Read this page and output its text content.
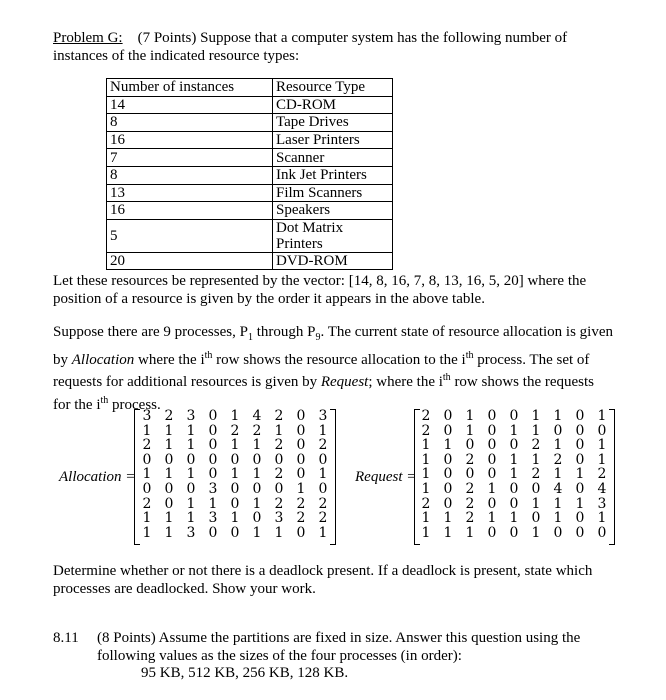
Problem G: (7 Points) Suppose that a computer system has the following number of instances of the indicated resource types:

Number of instances	Resource Type
14	CD-ROM
8	Tape Drives
16	Laser Printers
7	Scanner
8	Ink Jet Printers
13	Film Scanners
16	Speakers
5	Dot Matrix Printers
20	DVD-ROM

Let these resources be represented by the vector: [14, 8, 16, 7, 8, 13, 16, 5, 20] where the position of a resource is given by the order it appears in the above table.

Suppose there are 9 processes, $P_1$ through $P_9$. The current state of resource allocation is given by Allocation where the $i^{th}$ row shows the resource allocation to the $i^{th}$ process. The set of requests for additional resources is given by Request; where the $i^{th}$ row shows the requests for the $i^{th}$ process.

Allocation =
3 2 3 0 1 4 2 0 3
1 1 1 0 2 2 1 0 1
2 1 1 0 1 1 2 0 2
0 0 0 0 0 0 0 0 0
1 1 1 0 1 1 2 0 1
0 0 0 3 0 0 0 1 0
2 0 1 1 0 1 2 2 2
1 1 1 3 1 0 3 2 2
1 1 3 0 0 1 1 0 1
Request =
2 0 1 0 0 1 1 0 1
2 0 1 0 1 1 0 0 0
1 1 0 0 0 2 1 0 1
1 0 2 0 1 1 2 0 1
1 0 0 0 1 2 1 1 2
1 0 2 1 0 0 4 0 4
2 0 2 0 0 1 1 1 3
1 1 2 1 1 0 1 0 1
1 1 1 0 0 1 0 0 0

Determine whether or not there is a deadlock present. If a deadlock is present, state which processes are deadlocked. Show your work.

8.11 (8 Points) Assume the partitions are fixed in size. Answer this question using the following values as the sizes of the four processes (in order):

95 KB, 512 KB, 256 KB, 128 KB.
